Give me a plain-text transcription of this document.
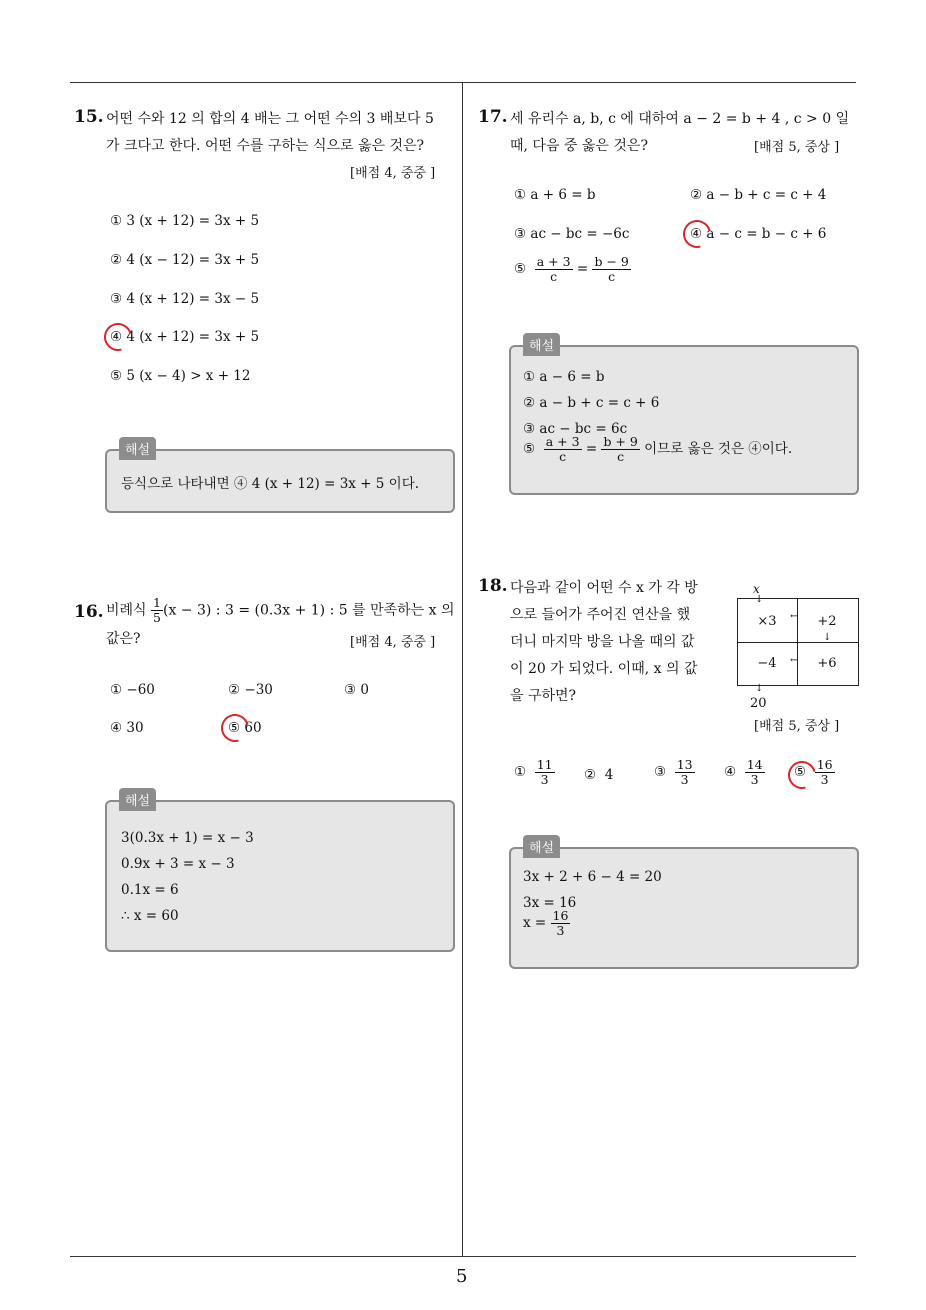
15. 어떤 수와 12 의 합의 4 배는 그 어떤 수의 3 배보다 5
가 크다고 한다. 어떤 수를 구하는 식으로 옳은 것은?
[배점 4, 중중 ]
① 3 (x + 12) = 3x + 5
② 4 (x − 12) = 3x + 5
③ 4 (x + 12) = 3x − 5
④ 4 (x + 12) = 3x + 5
⑤ 5 (x − 4) > x + 12
해설
등식으로 나타내면 ④ 4 (x + 12) = 3x + 5 이다.
16. 비례식 $\frac{1}{5} (x - 3)$ : 3 = (0.3x + 1) : 5 를 만족하는 x 의
값은?	[배점 4, 중중 ]
① −60	② −30	③ 0
④ 30	⑤ 60
해설
3(0.3x + 1) = x − 3
0.9x + 3 = x − 3
0.1x = 6
∴ x = 60
17. 세 유리수 a, b, c 에 대하여 a − 2 = b + 4 , c > 0 일
때, 다음 중 옳은 것은?	[배점 5, 중상 ]
① a + 6 = b	② a − b + c = c + 4
③ ac − bc = −6c	④ a − c = b − c + 6
⑤ $\frac{a + 3}{c} = \frac{b - 9}{c}$
해설
① a − 6 = b
② a − b + c = c + 6
③ ac − bc = 6c
⑤ $\frac{a + 3}{c} = \frac{b + 9}{c}$ 이므로 옳은 것은 ④이다.
18. 다음과 같이 어떤 수 x 가 각 방
으로 들어가 주어진 연산을 했
더니 마지막 방을 나올 때의 값
이 20 가 되었다. 이때, x 의 값
을 구하면?
x
↓
×3	+2
−4	+6
←
↓
←
↓
20
[배점 5, 중상 ]
① $\frac{11}{3}$ ② 4	③ $\frac{13}{3}$ ④ $\frac{14}{3}$ ⑤ $\frac{16}{3}$
해설
3x + 2 + 6 − 4 = 20
3x = 16
$x = \frac{16}{3}$
5
